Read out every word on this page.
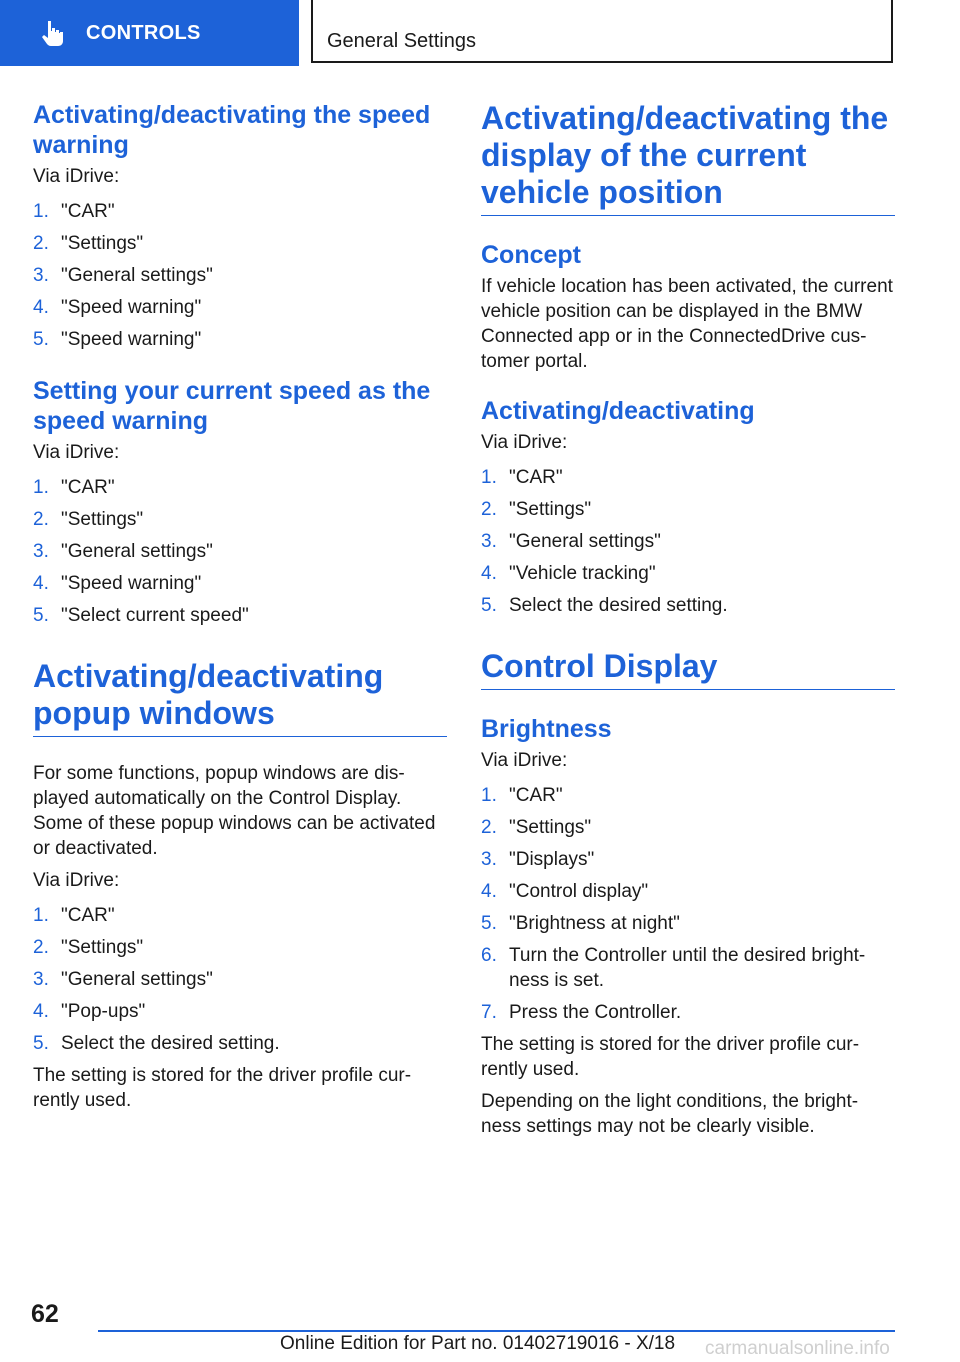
CONTROLS	General Settings
Activating/deactivating the speed warning
Via iDrive:
1. "CAR"
2. "Settings"
3. "General settings"
4. "Speed warning"
5. "Speed warning"
Setting your current speed as the speed warning
Via iDrive:
1. "CAR"
2. "Settings"
3. "General settings"
4. "Speed warning"
5. "Select current speed"
Activating/deactivating popup windows
For some functions, popup windows are dis‐played automatically on the Control Display. Some of these popup windows can be activated or deactivated.
Via iDrive:
1. "CAR"
2. "Settings"
3. "General settings"
4. "Pop-ups"
5. Select the desired setting.
The setting is stored for the driver profile cur‐rently used.
Activating/deactivating the display of the current vehicle position
Concept
If vehicle location has been activated, the current vehicle position can be displayed in the BMW Connected app or in the ConnectedDrive cus‐tomer portal.
Activating/deactivating
Via iDrive:
1. "CAR"
2. "Settings"
3. "General settings"
4. "Vehicle tracking"
5. Select the desired setting.
Control Display
Brightness
Via iDrive:
1. "CAR"
2. "Settings"
3. "Displays"
4. "Control display"
5. "Brightness at night"
6. Turn the Controller until the desired bright‐ness is set.
7. Press the Controller.
The setting is stored for the driver profile cur‐rently used.
Depending on the light conditions, the bright‐ness settings may not be clearly visible.
62
Online Edition for Part no. 01402719016 - X/18 carmanualsonline.info
